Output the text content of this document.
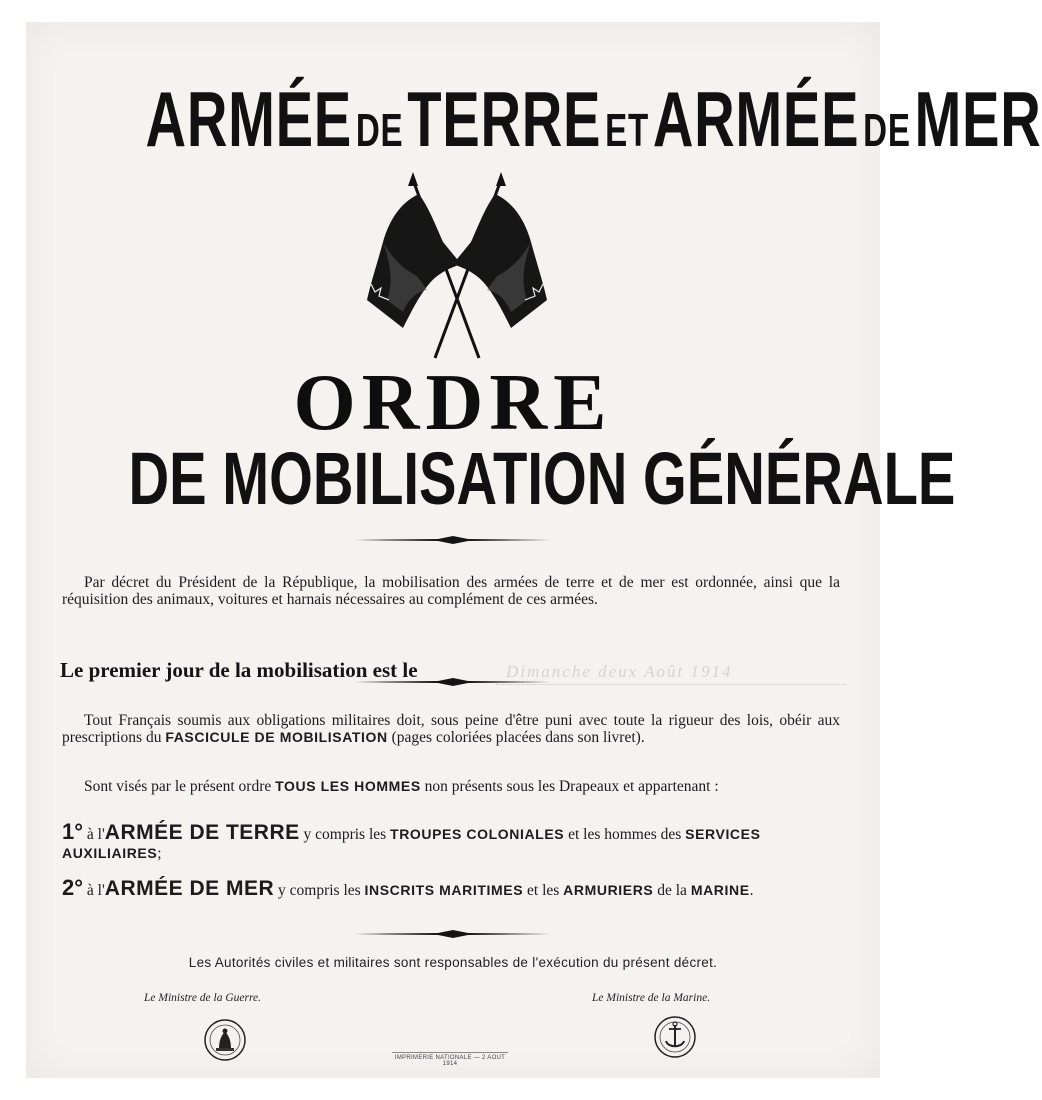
ARMÉE DE TERRE ET ARMÉE DE MER
ORDRE
DE MOBILISATION GÉNÉRALE
Par décret du Président de la République, la mobilisation des armées de terre et de mer est ordonnée, ainsi que la réquisition des animaux, voitures et harnais nécessaires au complément de ces armées.
Le premier jour de la mobilisation est le	Dimanche deux Août 1914
Tout Français soumis aux obligations militaires doit, sous peine d'être puni avec toute la rigueur des lois, obéir aux prescriptions du FASCICULE DE MOBILISATION (pages coloriées placées dans son livret).
Sont visés par le présent ordre TOUS LES HOMMES non présents sous les Drapeaux et appartenant :
1° à l'ARMÉE DE TERRE y compris les TROUPES COLONIALES et les hommes des SERVICES AUXILIAIRES;
2° à l'ARMÉE DE MER y compris les INSCRITS MARITIMES et les ARMURIERS de la MARINE.
Les Autorités civiles et militaires sont responsables de l'exécution du présent décret.
Le Ministre de la Guerre.	Le Ministre de la Marine.
IMPRIMERIE NATIONALE — 2 AOUT 1914
